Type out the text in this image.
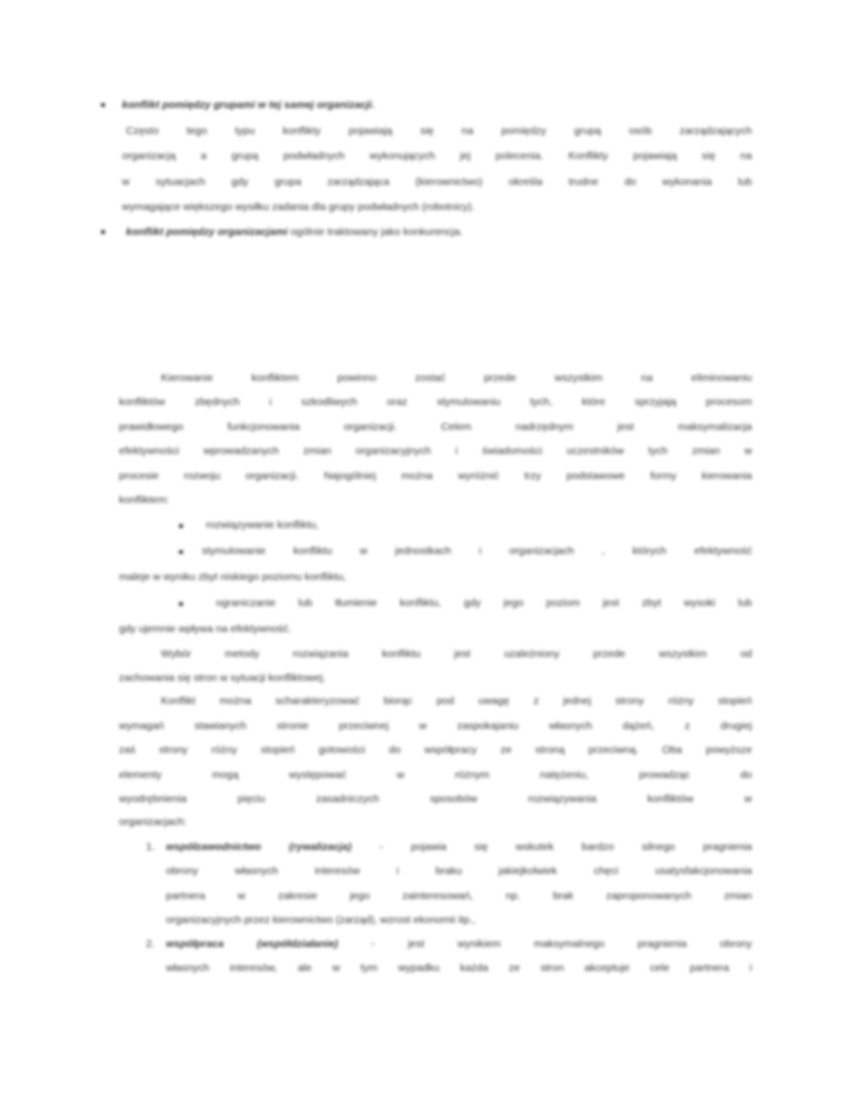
konflikt pomiędzy grupami w tej samej organizacji.
Często tego typu konflikty pojawiają się na pomiędzy grupą osób zarządzających
organizacją a grupą podwładnych wykonujących jej polecenia. Konflikty pojawiają się na
w sytuacjach gdy grupa zarządzająca (kierownictwo) określa trudne do wykonania lub
wymagające większego wysiłku zadania dla grupy podwładnych (robotnicy).
konflikt pomiędzy organizacjami ogólnie traktowany jako konkurencja.
Kierowanie konfliktem powinno zostać przede wszystkim na eliminowaniu
konfliktów zbędnych i szkodliwych oraz stymulowaniu tych, które sprzyjają procesom
prawidłowego funkcjonowania organizacji. Celem nadrzędnym jest maksymalizacja
efektywności wprowadzanych zmian organizacyjnych i świadomości uczestników tych zmian w
procesie rozwoju organizacji. Najogólniej można wyróżnić trzy podstawowe formy kierowania
konfliktem:
rozwiązywanie konfliktu,
stymulowanie konfliktu w jednostkach i organizacjach , których efektywność
maleje w wyniku zbyt niskiego poziomu konfliktu,
ograniczanie lub tłumienie konfliktu, gdy jego poziom jest zbyt wysoki lub
gdy ujemnie wpływa na efektywność.
Wybór metody rozwiązania konfliktu jest uzależniony przede wszystkim od
zachowania się stron w sytuacji konfliktowej.
Konflikt można scharakteryzować biorąc pod uwagę z jednej strony różny stopień
wymagań stawianych stronie przeciwnej w zaspokajaniu własnych dążeń, z drugiej
zaś strony różny stopień gotowości do współpracy ze stroną przeciwną. Oba powyższe
elementy mogą występować w różnym natężeniu, prowadząc do
wyodrębnienia pięciu zasadniczych sposobów rozwiązywania konfliktów w
organizacjach:
1. współzawodnictwo (rywalizacja) - pojawia się wskutek bardzo silnego pragnienia
obrony własnych interesów i braku jakiejkolwiek chęci usatysfakcjonowania
partnera w zakresie jego zainteresowań, np. brak zaproponowanych zmian
organizacyjnych przez kierownictwo (zarząd), wzrost ekonomii itp.,
2. współpraca (współdziałanie) - jest wynikiem maksymalnego pragnienia obrony
własnych interesów, ale w tym wypadku każda ze stron akceptuje cele partnera i
